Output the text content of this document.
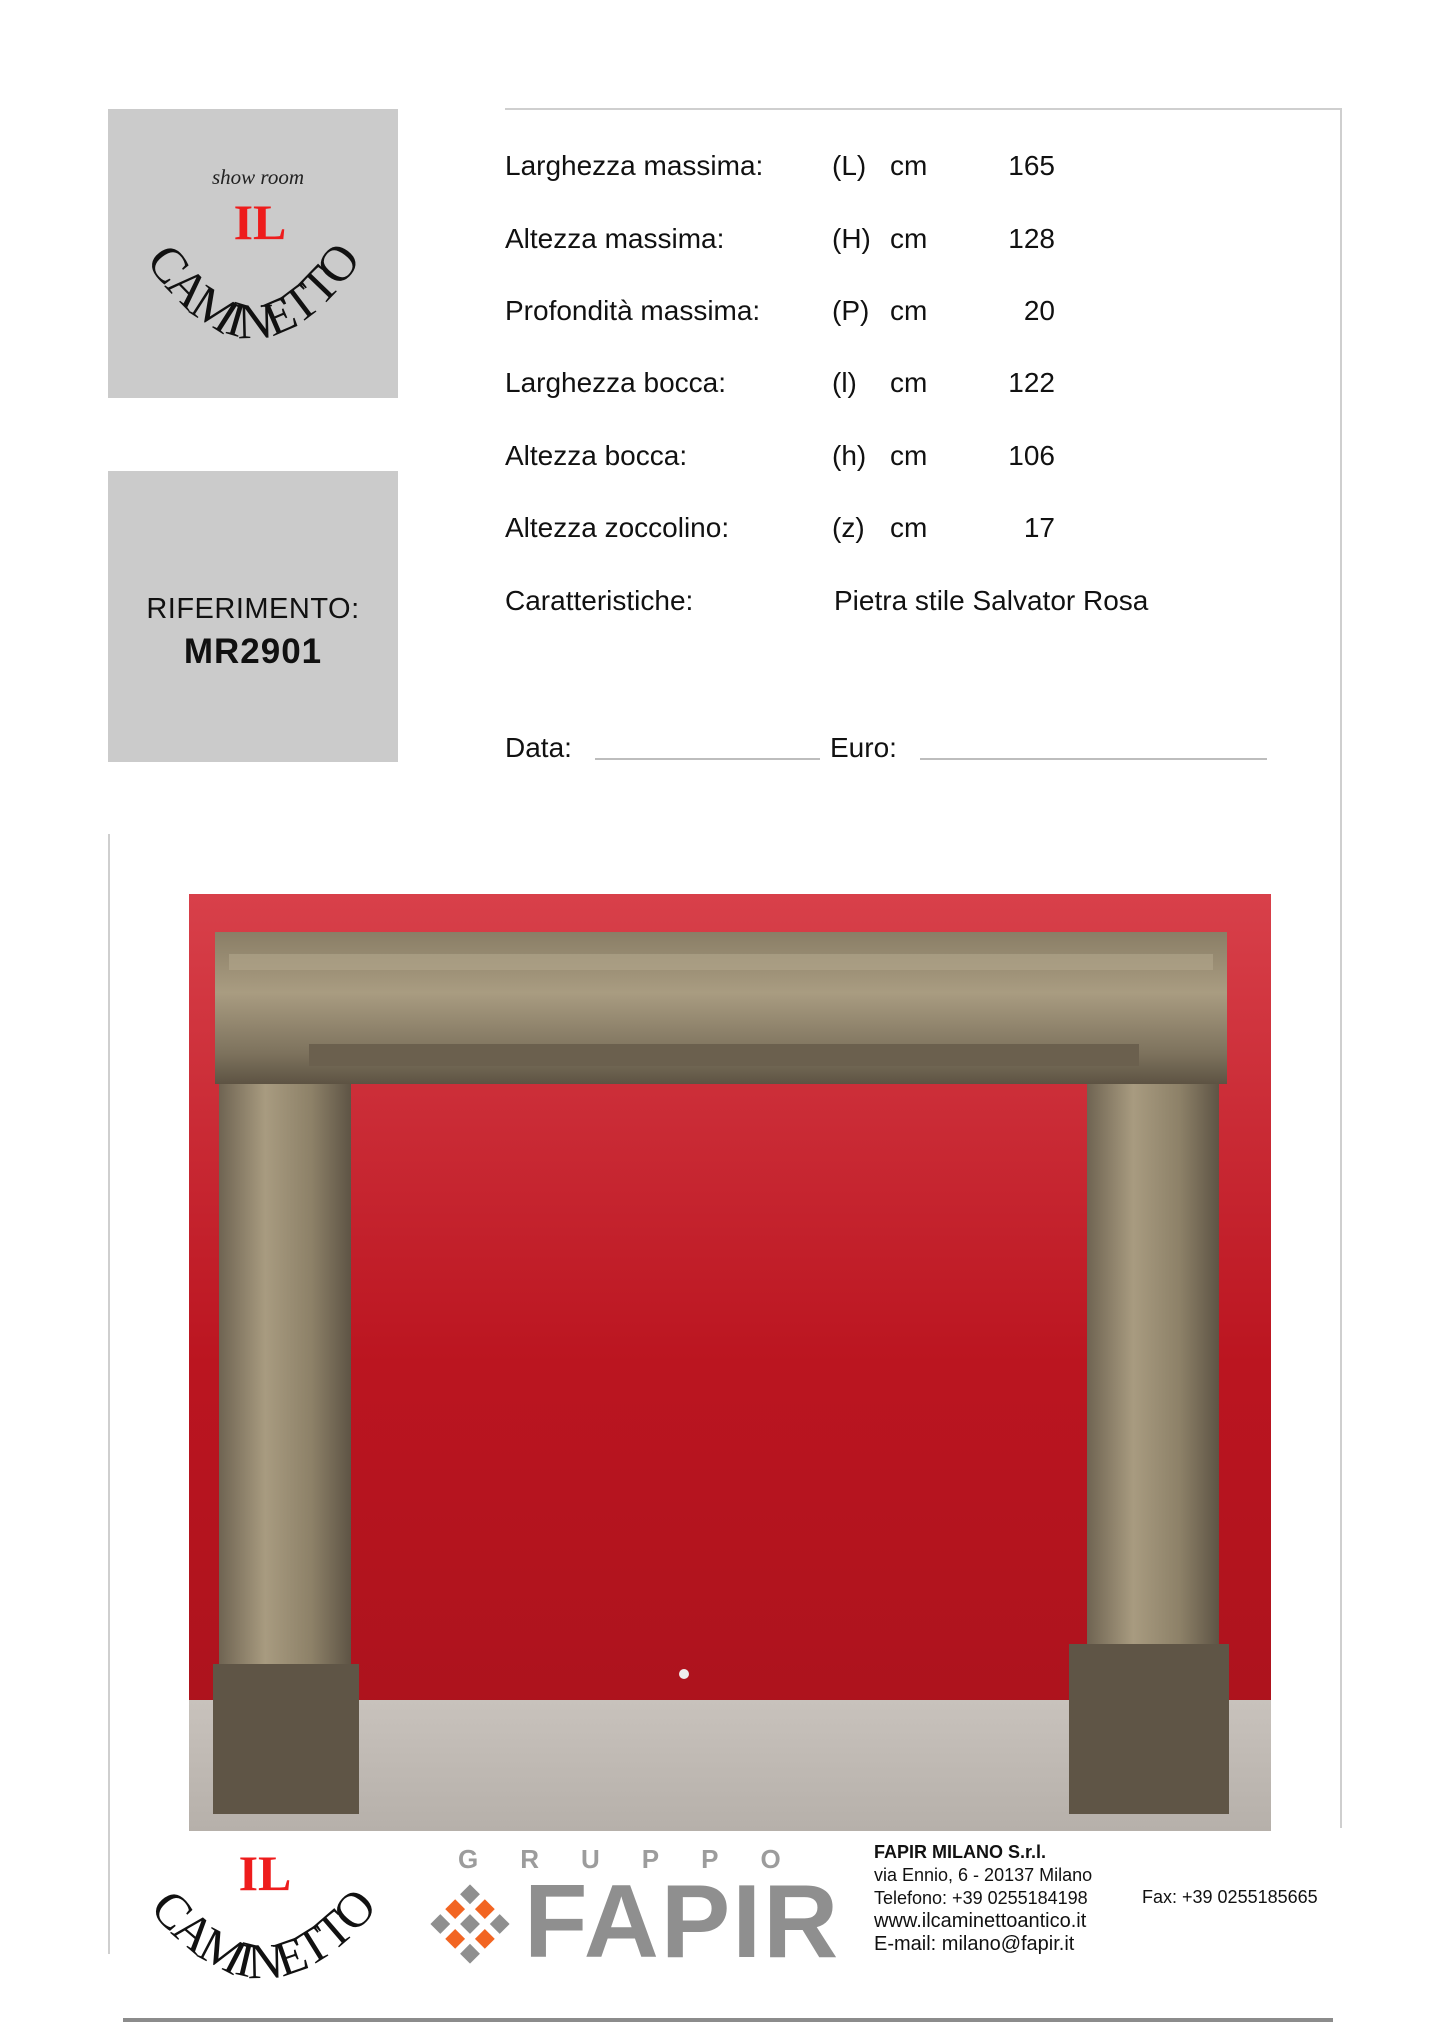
show room
IL
CAMINETTO
RIFERIMENTO:
MR2901
Larghezza massima: (L) cm	165
Altezza massima:	(H) cm	128
Profondità massima:	(P) cm	20
Larghezza bocca:	(l) cm	122
Altezza bocca:	(h) cm	106
Altezza zoccolino:	(z) cm	17
Caratteristiche:	Pietra stile Salvator Rosa
Data:	Euro:
IL
CAMINETTO
GRUPPO
FAPIR
FAPIR MILANO S.r.l.
via Ennio, 6 - 20137 Milano
Telefono: +39 0255184198
www.ilcaminettoantico.it
E-mail: milano@fapir.it
Fax: +39 0255185665
